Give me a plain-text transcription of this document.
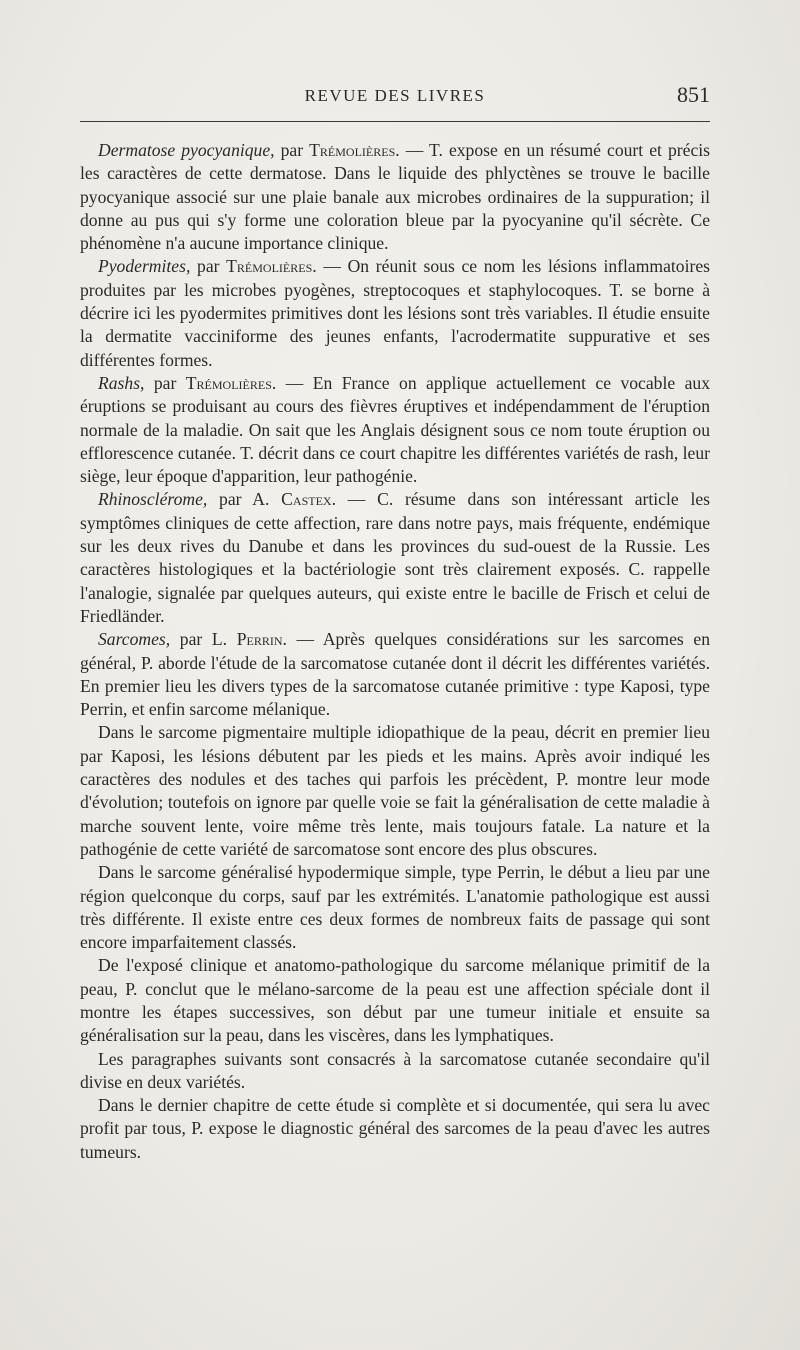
REVUE DES LIVRES	851

Dermatose pyocyanique, par Trémolières. — T. expose en un résumé court et précis les caractères de cette dermatose. Dans le liquide des phlyctènes se trouve le bacille pyocyanique associé sur une plaie banale aux microbes ordinaires de la suppuration; il donne au pus qui s'y forme une coloration bleue par la pyocyanine qu'il sécrète. Ce phénomène n'a aucune importance clinique.

Pyodermites, par Trémolières. — On réunit sous ce nom les lésions inflammatoires produites par les microbes pyogènes, streptocoques et staphylocoques. T. se borne à décrire ici les pyodermites primitives dont les lésions sont très variables. Il étudie ensuite la dermatite vacciniforme des jeunes enfants, l'acrodermatite suppurative et ses différentes formes.

Rashs, par Trémolières. — En France on applique actuellement ce vocable aux éruptions se produisant au cours des fièvres éruptives et indépendamment de l'éruption normale de la maladie. On sait que les Anglais désignent sous ce nom toute éruption ou efflorescence cutanée. T. décrit dans ce court chapitre les différentes variétés de rash, leur siège, leur époque d'apparition, leur pathogénie.

Rhinosclérome, par A. Castex. — C. résume dans son intéressant article les symptômes cliniques de cette affection, rare dans notre pays, mais fréquente, endémique sur les deux rives du Danube et dans les provinces du sud-ouest de la Russie. Les caractères histologiques et la bactériologie sont très clairement exposés. C. rappelle l'analogie, signalée par quelques auteurs, qui existe entre le bacille de Frisch et celui de Friedländer.

Sarcomes, par L. Perrin. — Après quelques considérations sur les sarcomes en général, P. aborde l'étude de la sarcomatose cutanée dont il décrit les différentes variétés. En premier lieu les divers types de la sarcomatose cutanée primitive : type Kaposi, type Perrin, et enfin sarcome mélanique.

Dans le sarcome pigmentaire multiple idiopathique de la peau, décrit en premier lieu par Kaposi, les lésions débutent par les pieds et les mains. Après avoir indiqué les caractères des nodules et des taches qui parfois les précèdent, P. montre leur mode d'évolution; toutefois on ignore par quelle voie se fait la généralisation de cette maladie à marche souvent lente, voire même très lente, mais toujours fatale. La nature et la pathogénie de cette variété de sarcomatose sont encore des plus obscures.

Dans le sarcome généralisé hypodermique simple, type Perrin, le début a lieu par une région quelconque du corps, sauf par les extrémités. L'anatomie pathologique est aussi très différente. Il existe entre ces deux formes de nombreux faits de passage qui sont encore imparfaitement classés.

De l'exposé clinique et anatomo-pathologique du sarcome mélanique primitif de la peau, P. conclut que le mélano-sarcome de la peau est une affection spéciale dont il montre les étapes successives, son début par une tumeur initiale et ensuite sa généralisation sur la peau, dans les viscères, dans les lymphatiques.

Les paragraphes suivants sont consacrés à la sarcomatose cutanée secondaire qu'il divise en deux variétés.

Dans le dernier chapitre de cette étude si complète et si documentée, qui sera lu avec profit par tous, P. expose le diagnostic général des sarcomes de la peau d'avec les autres tumeurs.
